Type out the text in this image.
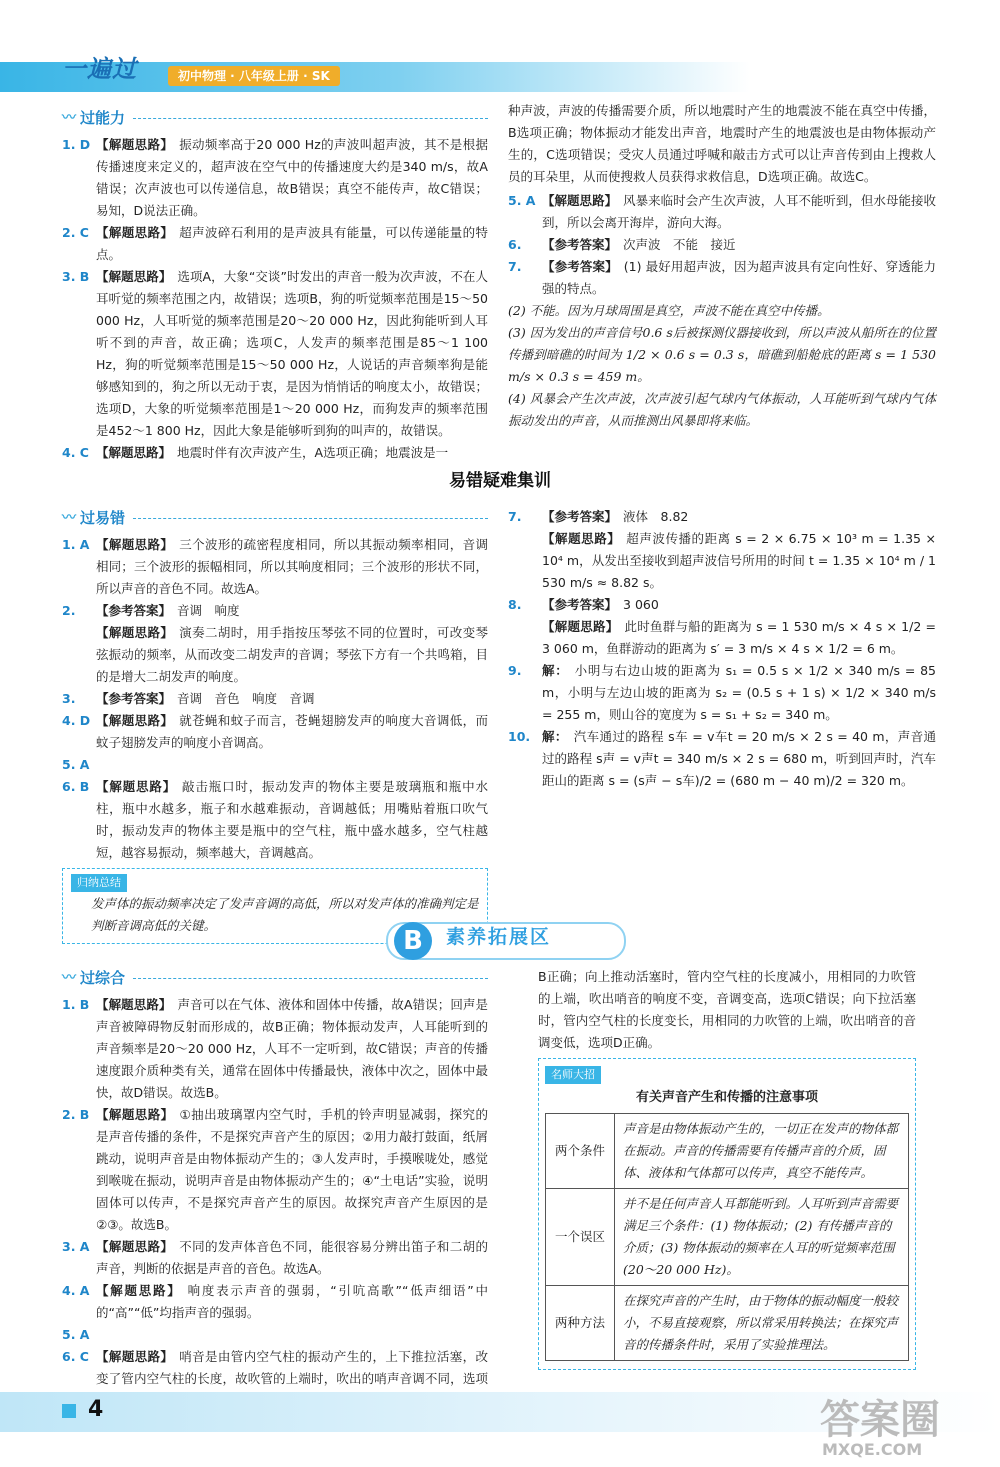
一遍过	初中物理 · 八年级上册 · SK
〰 过能力
1. D 【解题思路】 振动频率高于20 000 Hz的声波叫超声波，其不是根据传播速度来定义的，超声波在空气中的传播速度大约是340 m/s，故A错误；次声波也可以传递信息，故B错误；真空不能传声，故C错误；易知，D说法正确。
2. C 【解题思路】 超声波碎石利用的是声波具有能量，可以传递能量的特点。
3. B 【解题思路】 选项A，大象“交谈”时发出的声音一般为次声波，不在人耳听觉的频率范围之内，故错误；选项B，狗的听觉频率范围是15～50 000 Hz，人耳听觉的频率范围是20～20 000 Hz，因此狗能听到人耳听不到的声音，故正确；选项C，人发声的频率范围是85～1 100 Hz，狗的听觉频率范围是15～50 000 Hz，人说话的声音频率狗是能够感知到的，狗之所以无动于衷，是因为悄悄话的响度太小，故错误；选项D，大象的听觉频率范围是1～20 000 Hz，而狗发声的频率范围是452～1 800 Hz，因此大象是能够听到狗的叫声的，故错误。
4. C 【解题思路】 地震时伴有次声波产生，A选项正确；地震波是一
种声波，声波的传播需要介质，所以地震时产生的地震波不能在真空中传播，B选项正确；物体振动才能发出声音，地震时产生的地震波也是由物体振动产生的，C选项错误；受灾人员通过呼喊和敲击方式可以让声音传到由上搜救人员的耳朵里，从而使搜救人员获得求救信息，D选项正确。故选C。
5. A 【解题思路】 风暴来临时会产生次声波，人耳不能听到，但水母能接收到，所以会离开海岸，游向大海。
6.	【参考答案】 次声波　不能　接近
7.	【参考答案】 (1) 最好用超声波，因为超声波具有定向性好、穿透能力强的特点。
(2) 不能。因为月球周围是真空，声波不能在真空中传播。
(3) 因为发出的声音信号0.6 s后被探测仪器接收到，所以声波从船所在的位置传播到暗礁的时间为 1/2 × 0.6 s = 0.3 s，暗礁到船舱底的距离 s = 1 530 m/s × 0.3 s = 459 m。
(4) 风暴会产生次声波，次声波引起气球内气体振动，人耳能听到气球内气体振动发出的声音，从而推测出风暴即将来临。
易错疑难集训
〰 过易错
1. A 【解题思路】 三个波形的疏密程度相同，所以其振动频率相同，音调相同；三个波形的振幅相同，所以其响度相同；三个波形的形状不同，所以声音的音色不同。故选A。
2.	【参考答案】 音调　响度
【解题思路】 演奏二胡时，用手指按压琴弦不同的位置时，可改变琴弦振动的频率，从而改变二胡发声的音调；琴弦下方有一个共鸣箱，目的是增大二胡发声的响度。
3.	【参考答案】 音调　音色　响度　音调
4. D 【解题思路】 就苍蝇和蚊子而言，苍蝇翅膀发声的响度大音调低，而蚊子翅膀发声的响度小音调高。
5. A
6. B 【解题思路】 敲击瓶口时，振动发声的物体主要是玻璃瓶和瓶中水柱，瓶中水越多，瓶子和水越难振动，音调越低；用嘴贴着瓶口吹气时，振动发声的物体主要是瓶中的空气柱，瓶中盛水越多，空气柱越短，越容易振动，频率越大，音调越高。
归纳总结
发声体的振动频率决定了发声音调的高低，所以对发声体的准确判定是判断音调高低的关键。
7.	【参考答案】 液体　8.82
【解题思路】 超声波传播的距离 s = 2 × 6.75 × 10³ m = 1.35 × 10⁴ m，从发出至接收到超声波信号所用的时间 t = 1.35 × 10⁴ m / 1 530 m/s ≈ 8.82 s。
8.	【参考答案】 3 060
【解题思路】 此时鱼群与船的距离为 s = 1 530 m/s × 4 s × 1/2 = 3 060 m，鱼群游动的距离为 s′ = 3 m/s × 4 s × 1/2 = 6 m。
9.	解： 小明与右边山坡的距离为 s₁ = 0.5 s × 1/2 × 340 m/s = 85 m，小明与左边山坡的距离为 s₂ = (0.5 s + 1 s) × 1/2 × 340 m/s = 255 m，则山谷的宽度为 s = s₁ + s₂ = 340 m。
10. 解： 汽车通过的路程 s车 = v车t = 20 m/s × 2 s = 40 m，声音通过的路程 s声 = v声t = 340 m/s × 2 s = 680 m，听到回声时，汽车距山的距离 s = (s声 − s车)/2 = (680 m − 40 m)/2 = 320 m。
B	素养拓展区
〰 过综合
1. B 【解题思路】 声音可以在气体、液体和固体中传播，故A错误；回声是声音被障碍物反射而形成的，故B正确；物体振动发声，人耳能听到的声音频率是20～20 000 Hz，人耳不一定听到，故C错误；声音的传播速度跟介质种类有关，通常在固体中传播最快，液体中次之，固体中最快，故D错误。故选B。
2. B 【解题思路】 ①抽出玻璃罩内空气时，手机的铃声明显减弱，探究的是声音传播的条件，不是探究声音产生的原因；②用力敲打鼓面，纸屑跳动，说明声音是由物体振动产生的；③人发声时，手摸喉咙处，感觉到喉咙在振动，说明声音是由物体振动产生的；④“土电话”实验，说明固体可以传声，不是探究声音产生的原因。故探究声音产生原因的是②③。故选B。
3. A 【解题思路】 不同的发声体音色不同，能很容易分辨出笛子和二胡的声音，判断的依据是声音的音色。故选A。
4. A 【解题思路】 响度表示声音的强弱，“引吭高歌”“低声细语”中的“高”“低”均指声音的强弱。
5. A
6. C 【解题思路】 哨音是由管内空气柱的振动产生的，上下推拉活塞，改变了管内空气柱的长度，故吹管的上端时，吹出的哨声音调不同，选项
B正确；向上推动活塞时，管内空气柱的长度减小，用相同的力吹管的上端，吹出哨音的响度不变，音调变高，选项C错误；向下拉活塞时，管内空气柱的长度变长，用相同的力吹管的上端，吹出哨音的音调变低，选项D正确。
名师大招
有关声音产生和传播的注意事项
两个条件	声音是由物体振动产生的，一切正在发声的物体都在振动。声音的传播需要有传播声音的介质，固体、液体和气体都可以传声，真空不能传声。
一个误区	并不是任何声音人耳都能听到。人耳听到声音需要满足三个条件：(1) 物体振动；(2) 有传播声音的介质；(3) 物体振动的频率在人耳的听觉频率范围(20～20 000 Hz)。
两种方法	在探究声音的产生时，由于物体的振动幅度一般较小，不易直接观察，所以常采用转换法；在探究声音的传播条件时，采用了实验推理法。
4	答案圈
MXQE.COM
